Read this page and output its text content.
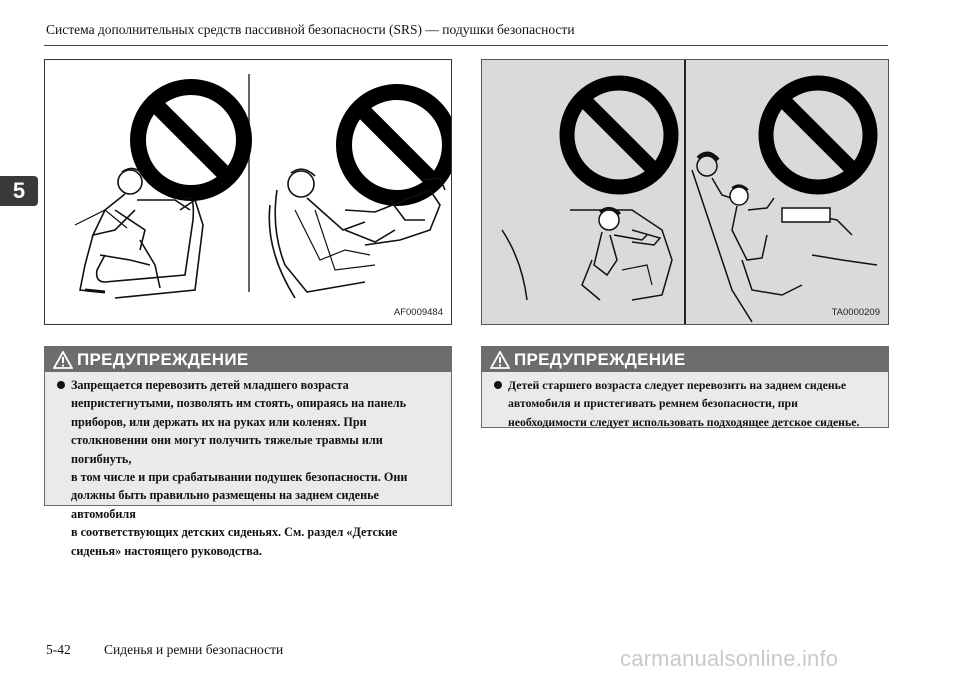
Система дополнительных средств пассивной безопасности (SRS) — подушки безопасности
5
AF0009484	TA0000209
ПРЕДУПРЕЖДЕНИЕ
Запрещается перевозить детей младшего возраста
непристегнутыми, позволять им стоять, опираясь на панель
приборов, или держать их на руках или коленях. При
столкновении они могут получить тяжелые травмы или погибнуть,
в том числе и при срабатывании подушек безопасности. Они
должны быть правильно размещены на заднем сиденье автомобиля
в соответствующих детских сиденьях. См. раздел «Детские
сиденья» настоящего руководства.
ПРЕДУПРЕЖДЕНИЕ
Детей старшего возраста следует перевозить на заднем сиденье
автомобиля и пристегивать ремнем безопасности, при
необходимости следует использовать подходящее детское сиденье.
5-42 Сиденья и ремни безопасности	carmanualsonline.info
